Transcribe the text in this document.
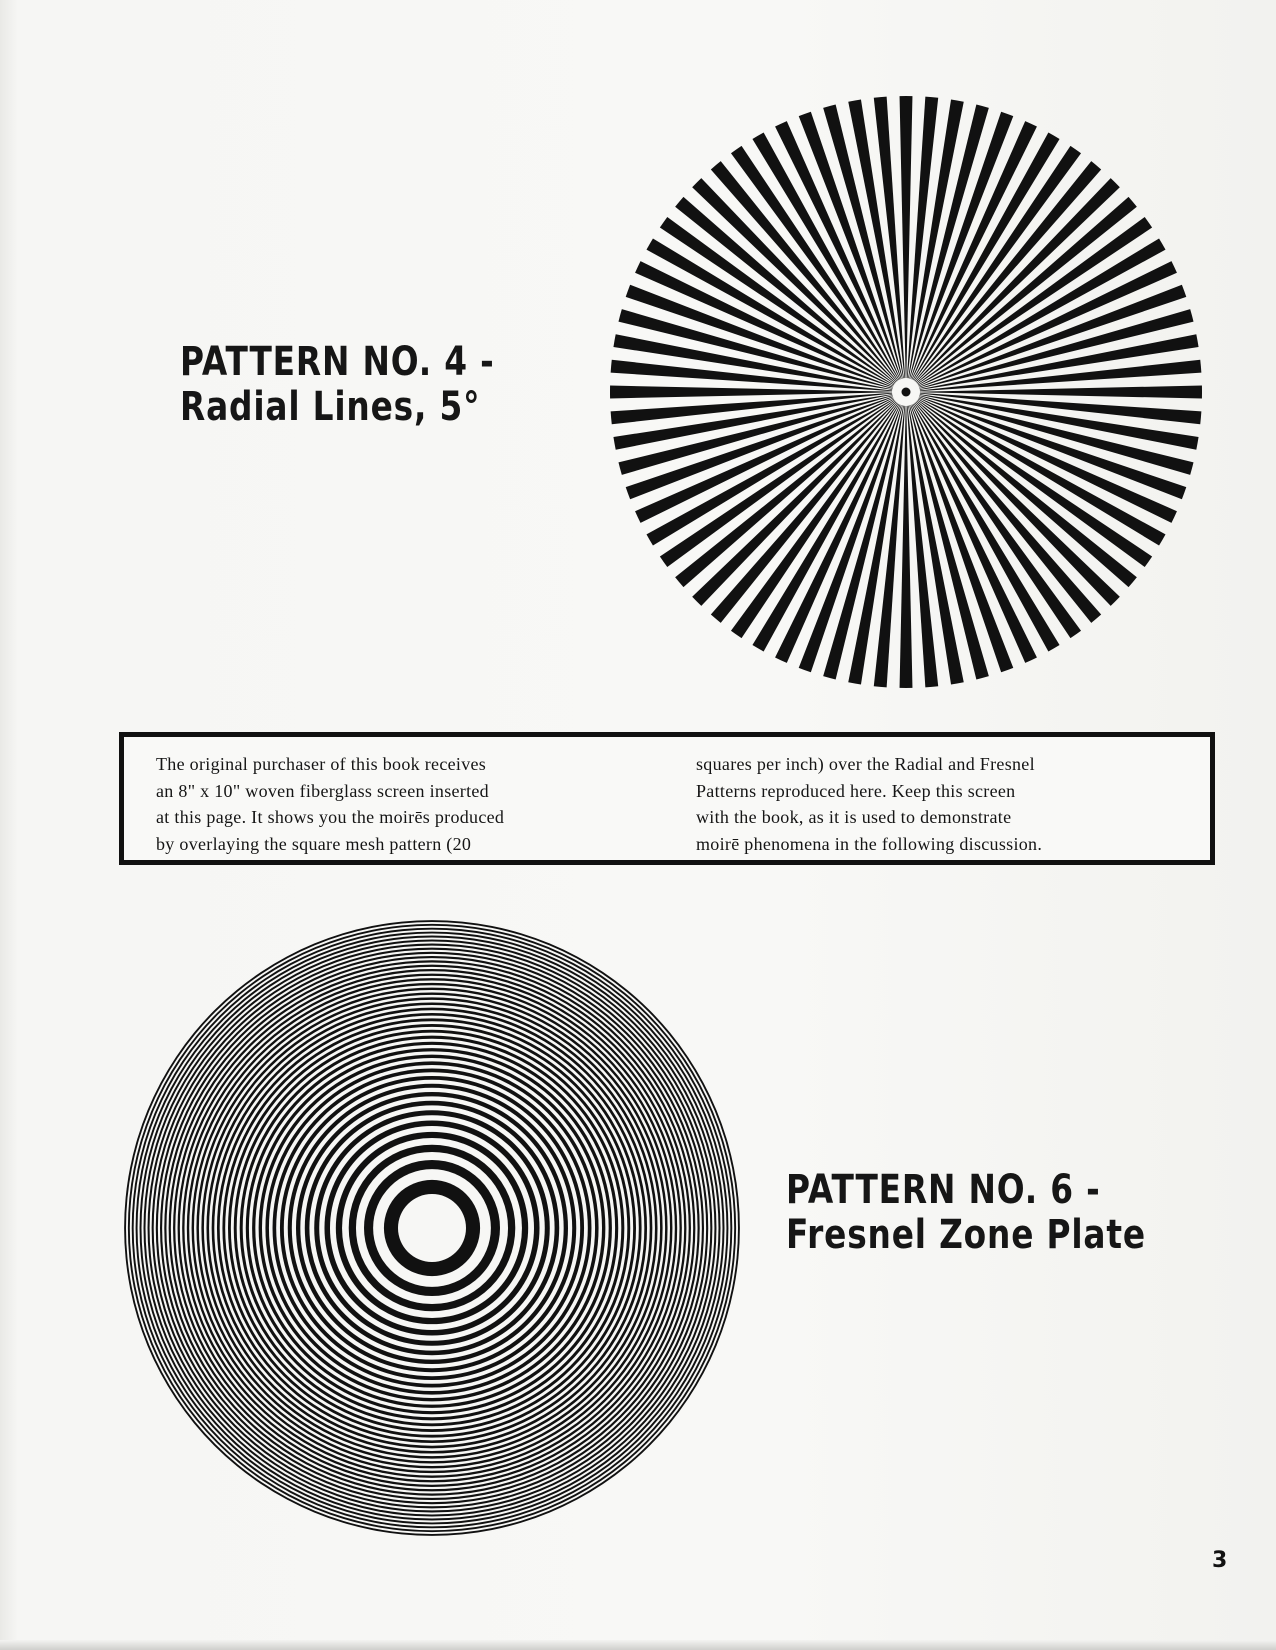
PATTERN NO. 4 -
Radial Lines, 5°
The original purchaser of this book receives
an 8" x 10" woven fiberglass screen inserted
at this page. It shows you the moirēs produced
by overlaying the square mesh pattern (20
squares per inch) over the Radial and Fresnel
Patterns reproduced here. Keep this screen
with the book, as it is used to demonstrate
moirē phenomena in the following discussion.
PATTERN NO. 6 -
Fresnel Zone Plate
3
